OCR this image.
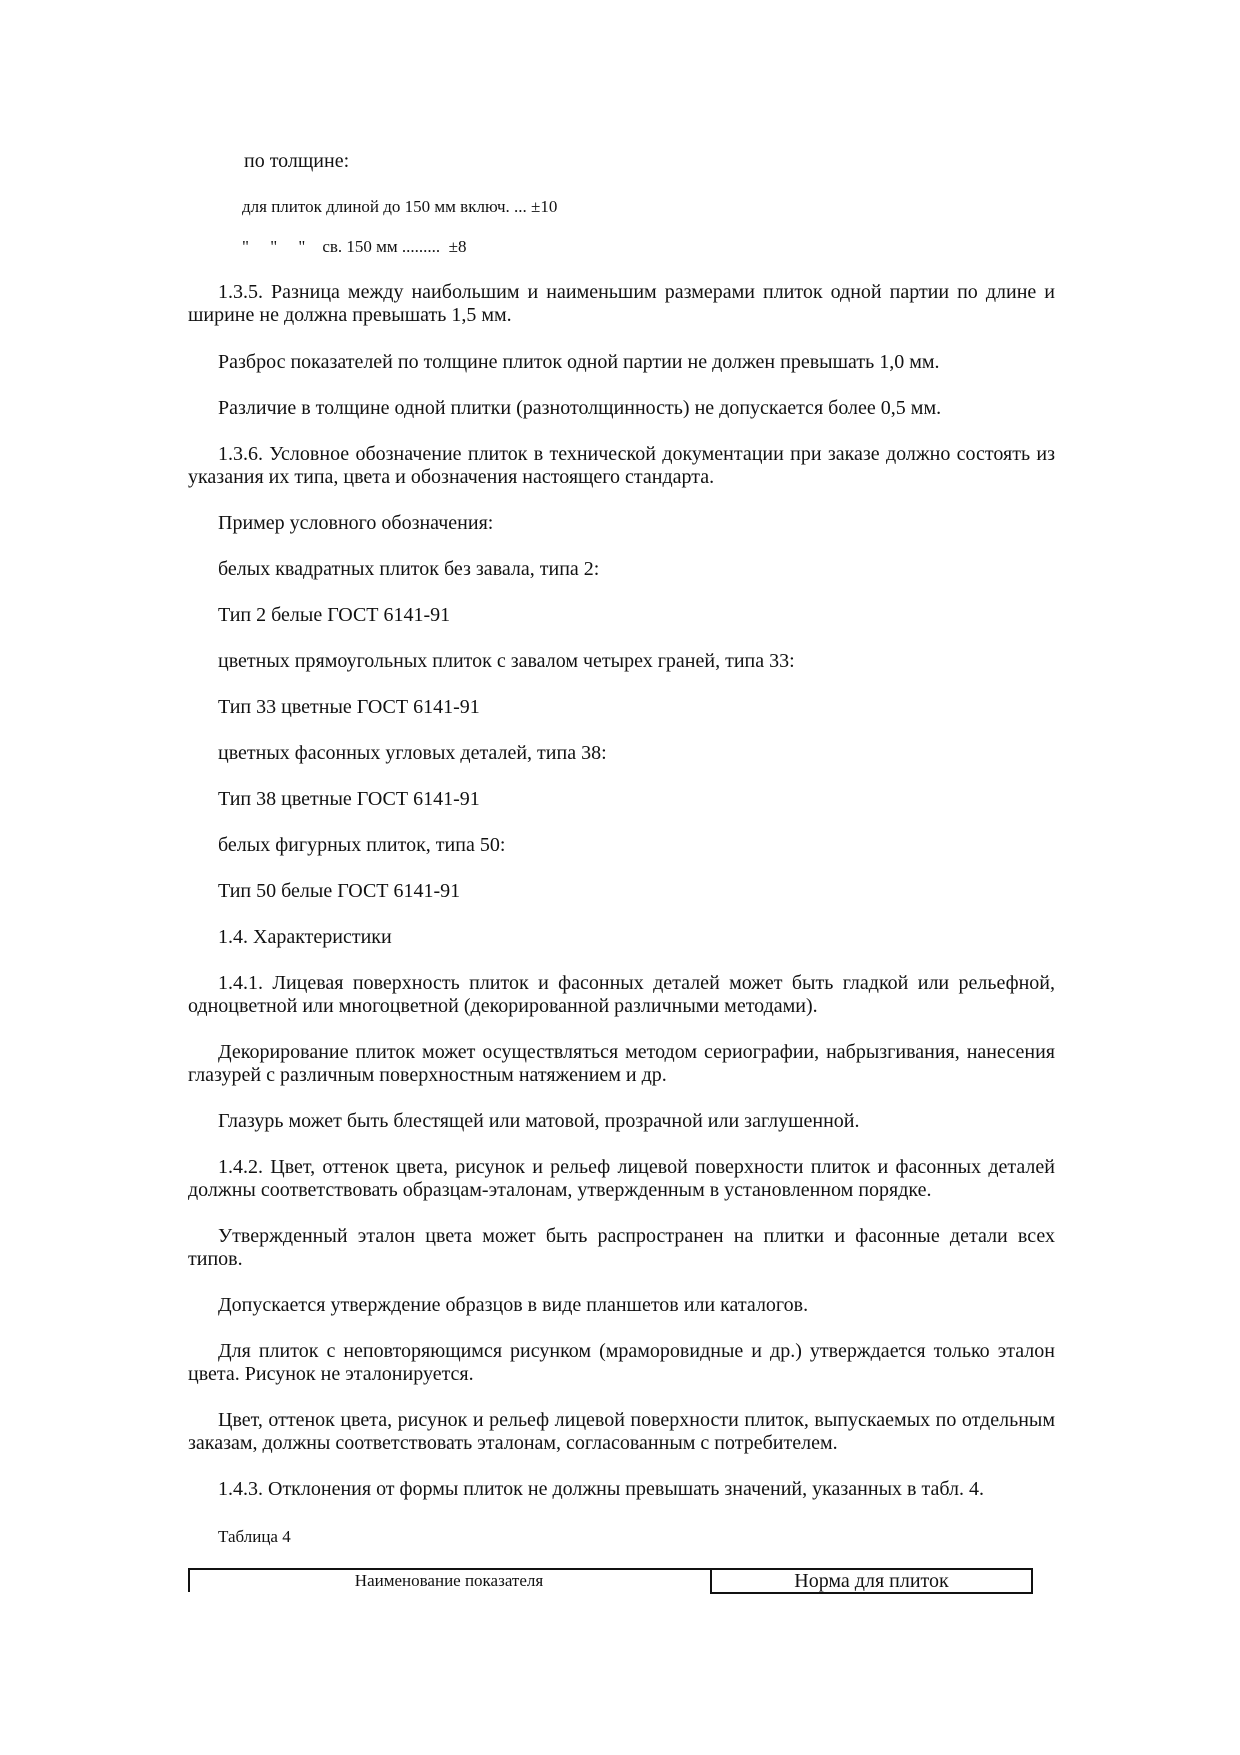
по толщине:
для плиток длиной до 150 мм включ. ... ±10
"     "     "    св. 150 мм .........  ±8

1.3.5. Разница между наибольшим и наименьшим размерами плиток одной партии по длине и ширине не должна превышать 1,5 мм.

Разброс показателей по толщине плиток одной партии не должен превышать 1,0 мм.

Различие в толщине одной плитки (разнотолщинность) не допускается более 0,5 мм.

1.3.6. Условное обозначение плиток в технической документации при заказе должно состоять из указания их типа, цвета и обозначения настоящего стандарта.

Пример условного обозначения:

белых квадратных плиток без завала, типа 2:

Тип 2 белые ГОСТ 6141-91

цветных прямоугольных плиток с завалом четырех граней, типа 33:

Тип 33 цветные ГОСТ 6141-91

цветных фасонных угловых деталей, типа 38:

Тип 38 цветные ГОСТ 6141-91

белых фигурных плиток, типа 50:

Тип 50 белые ГОСТ 6141-91

1.4. Характеристики

1.4.1. Лицевая поверхность плиток и фасонных деталей может быть гладкой или рельефной, одноцветной или многоцветной (декорированной различными методами).

Декорирование плиток может осуществляться методом сериографии, набрызгивания, нанесения глазурей с различным поверхностным натяжением и др.

Глазурь может быть блестящей или матовой, прозрачной или заглушенной.

1.4.2. Цвет, оттенок цвета, рисунок и рельеф лицевой поверхности плиток и фасонных деталей должны соответствовать образцам-эталонам, утвержденным в установленном порядке.

Утвержденный эталон цвета может быть распространен на плитки и фасонные детали всех типов.

Допускается утверждение образцов в виде планшетов или каталогов.

Для плиток с неповторяющимся рисунком (мраморовидные и др.) утверждается только эталон цвета. Рисунок не эталонируется.

Цвет, оттенок цвета, рисунок и рельеф лицевой поверхности плиток, выпускаемых по отдельным заказам, должны соответствовать эталонам, согласованным с потребителем.

1.4.3. Отклонения от формы плиток не должны превышать значений, указанных в табл. 4.

Таблица 4
Наименование показателя	Норма для плиток
